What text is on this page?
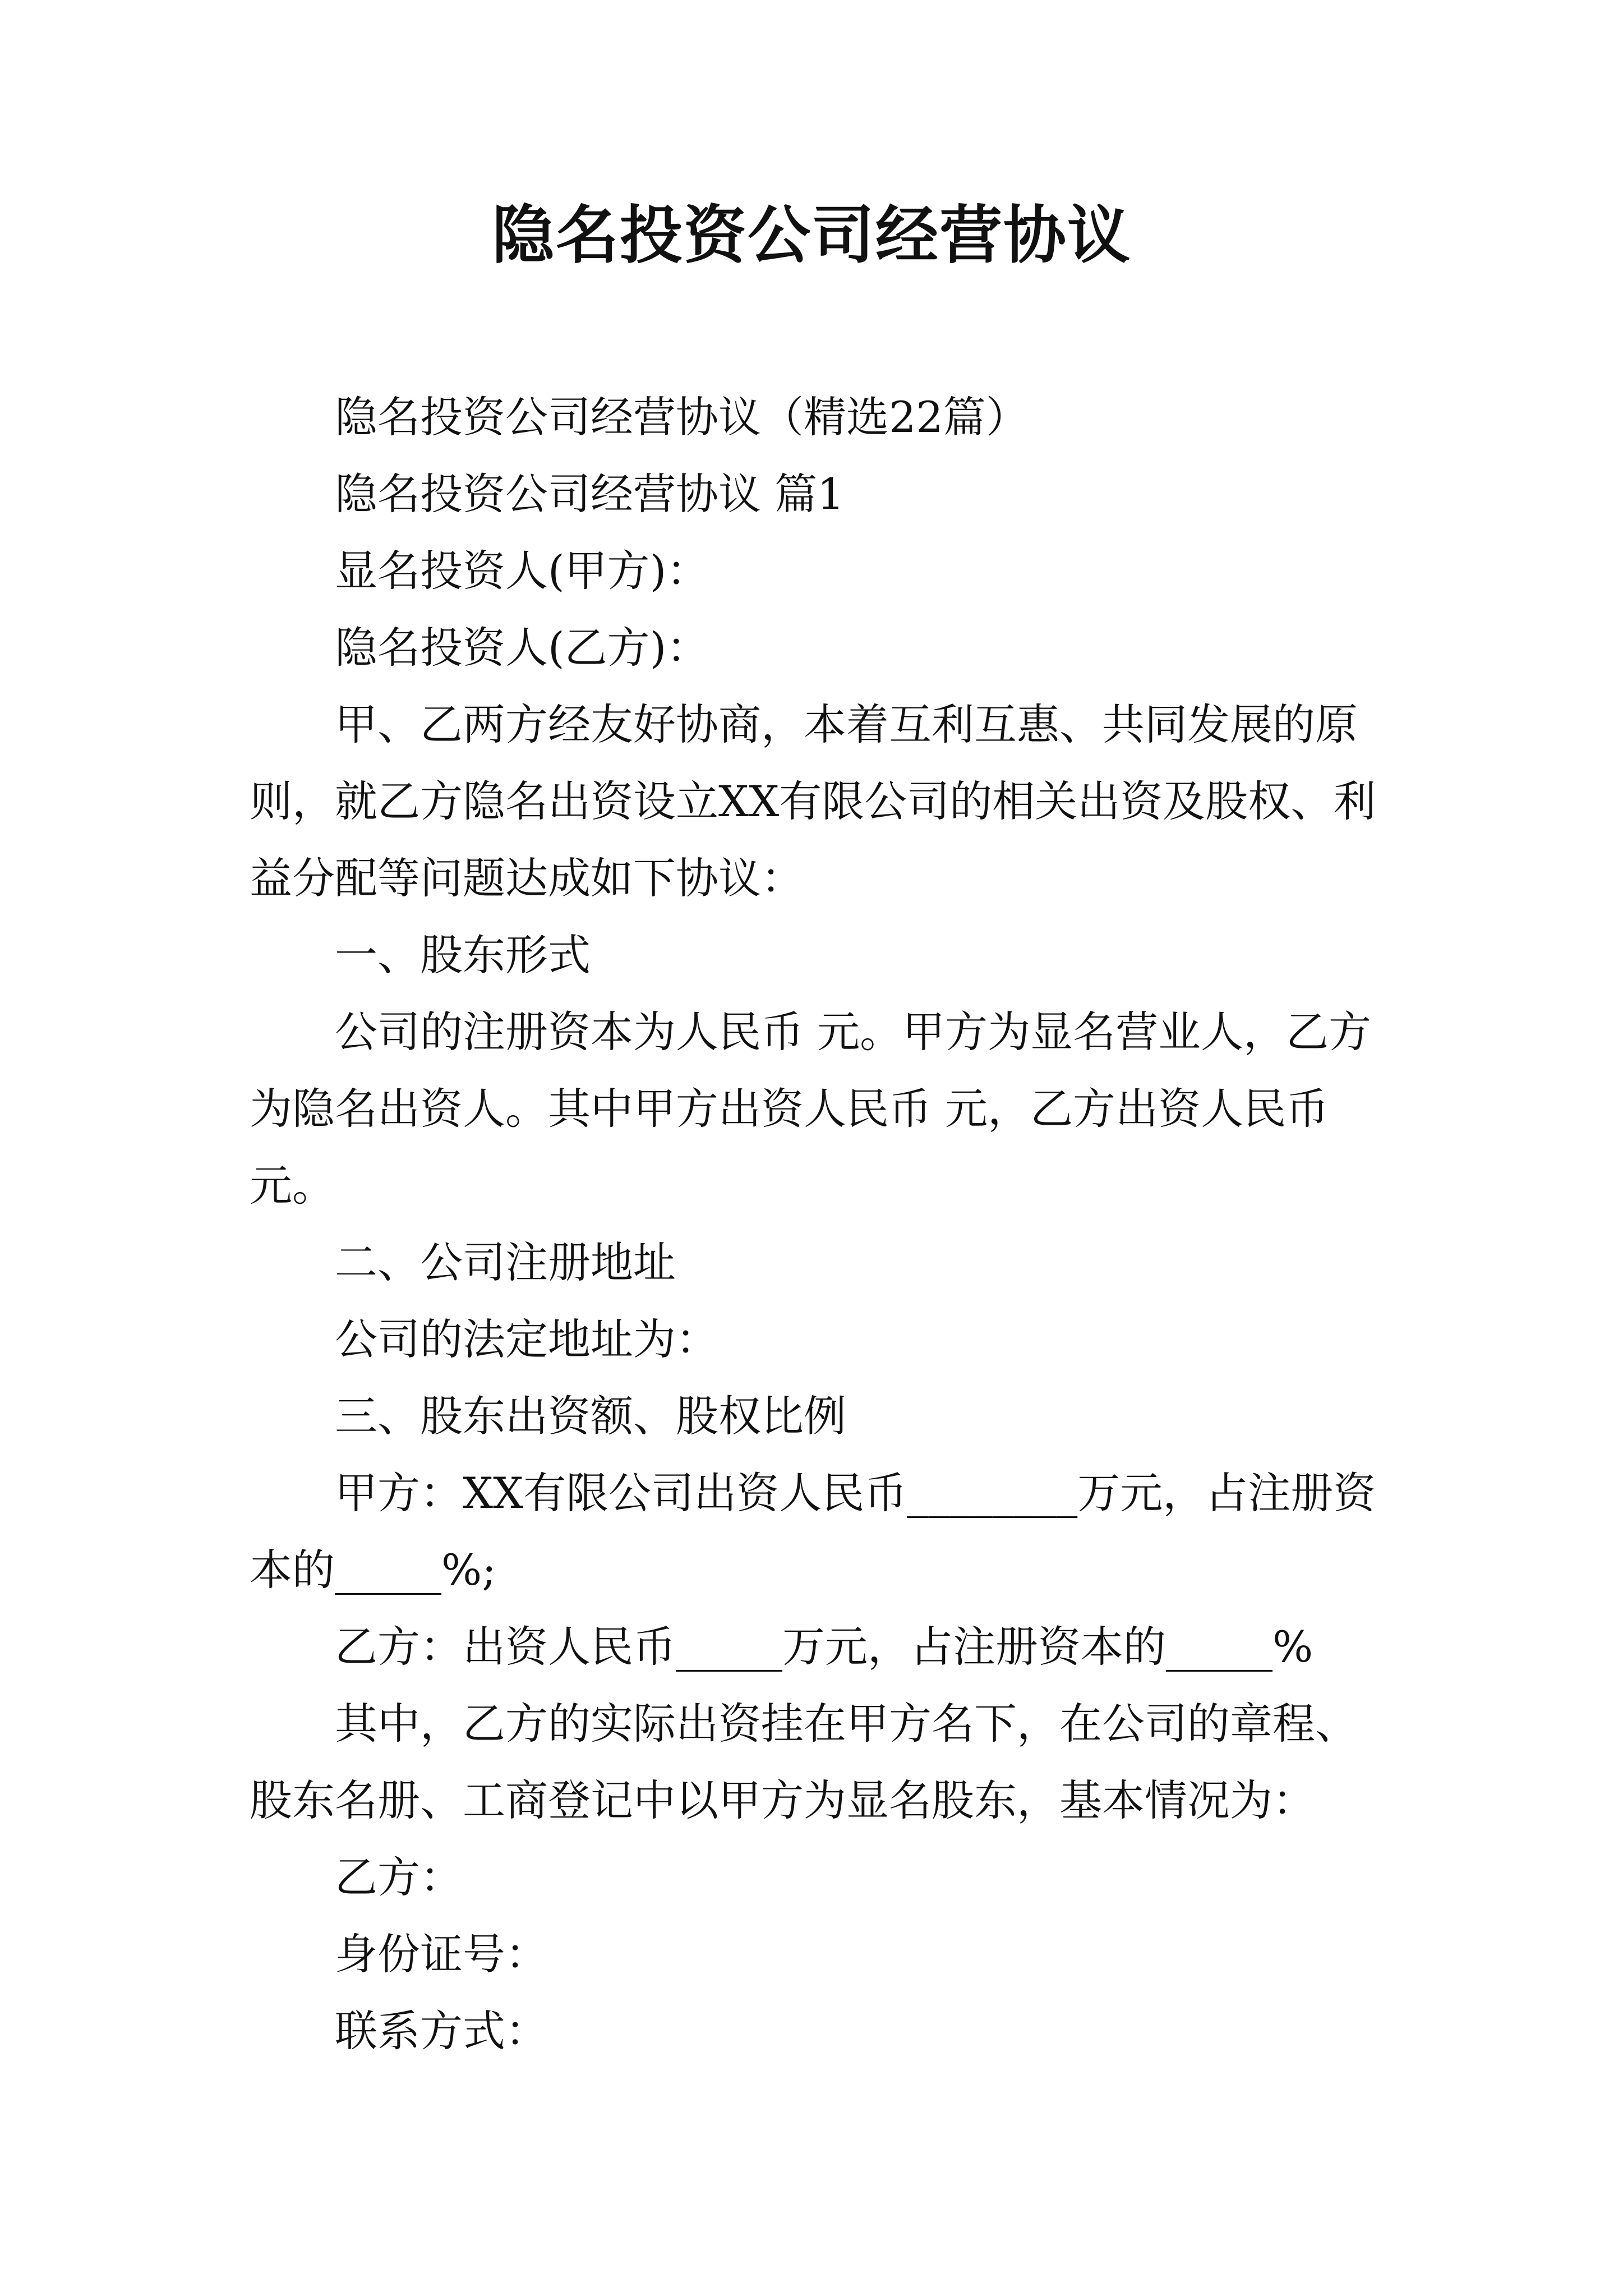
隐名投资公司经营协议

隐名投资公司经营协议（精选22篇）

隐名投资公司经营协议 篇1

显名投资人(甲方)：

隐名投资人(乙方)：

甲、乙两方经友好协商，本着互利互惠、共同发展的原则，就乙方隐名出资设立XX有限公司的相关出资及股权、利益分配等问题达成如下协议：

一、股东形式

公司的注册资本为人民币 元。甲方为显名营业人，乙方为隐名出资人。其中甲方出资人民币 元，乙方出资人民币 元。

二、公司注册地址

公司的法定地址为：

三、股东出资额、股权比例

甲方：XX有限公司出资人民币________万元，占注册资本的_____%;

乙方：出资人民币_____万元，占注册资本的_____%

其中，乙方的实际出资挂在甲方名下，在公司的章程、股东名册、工商登记中以甲方为显名股东，基本情况为：

乙方：

身份证号：

联系方式：
